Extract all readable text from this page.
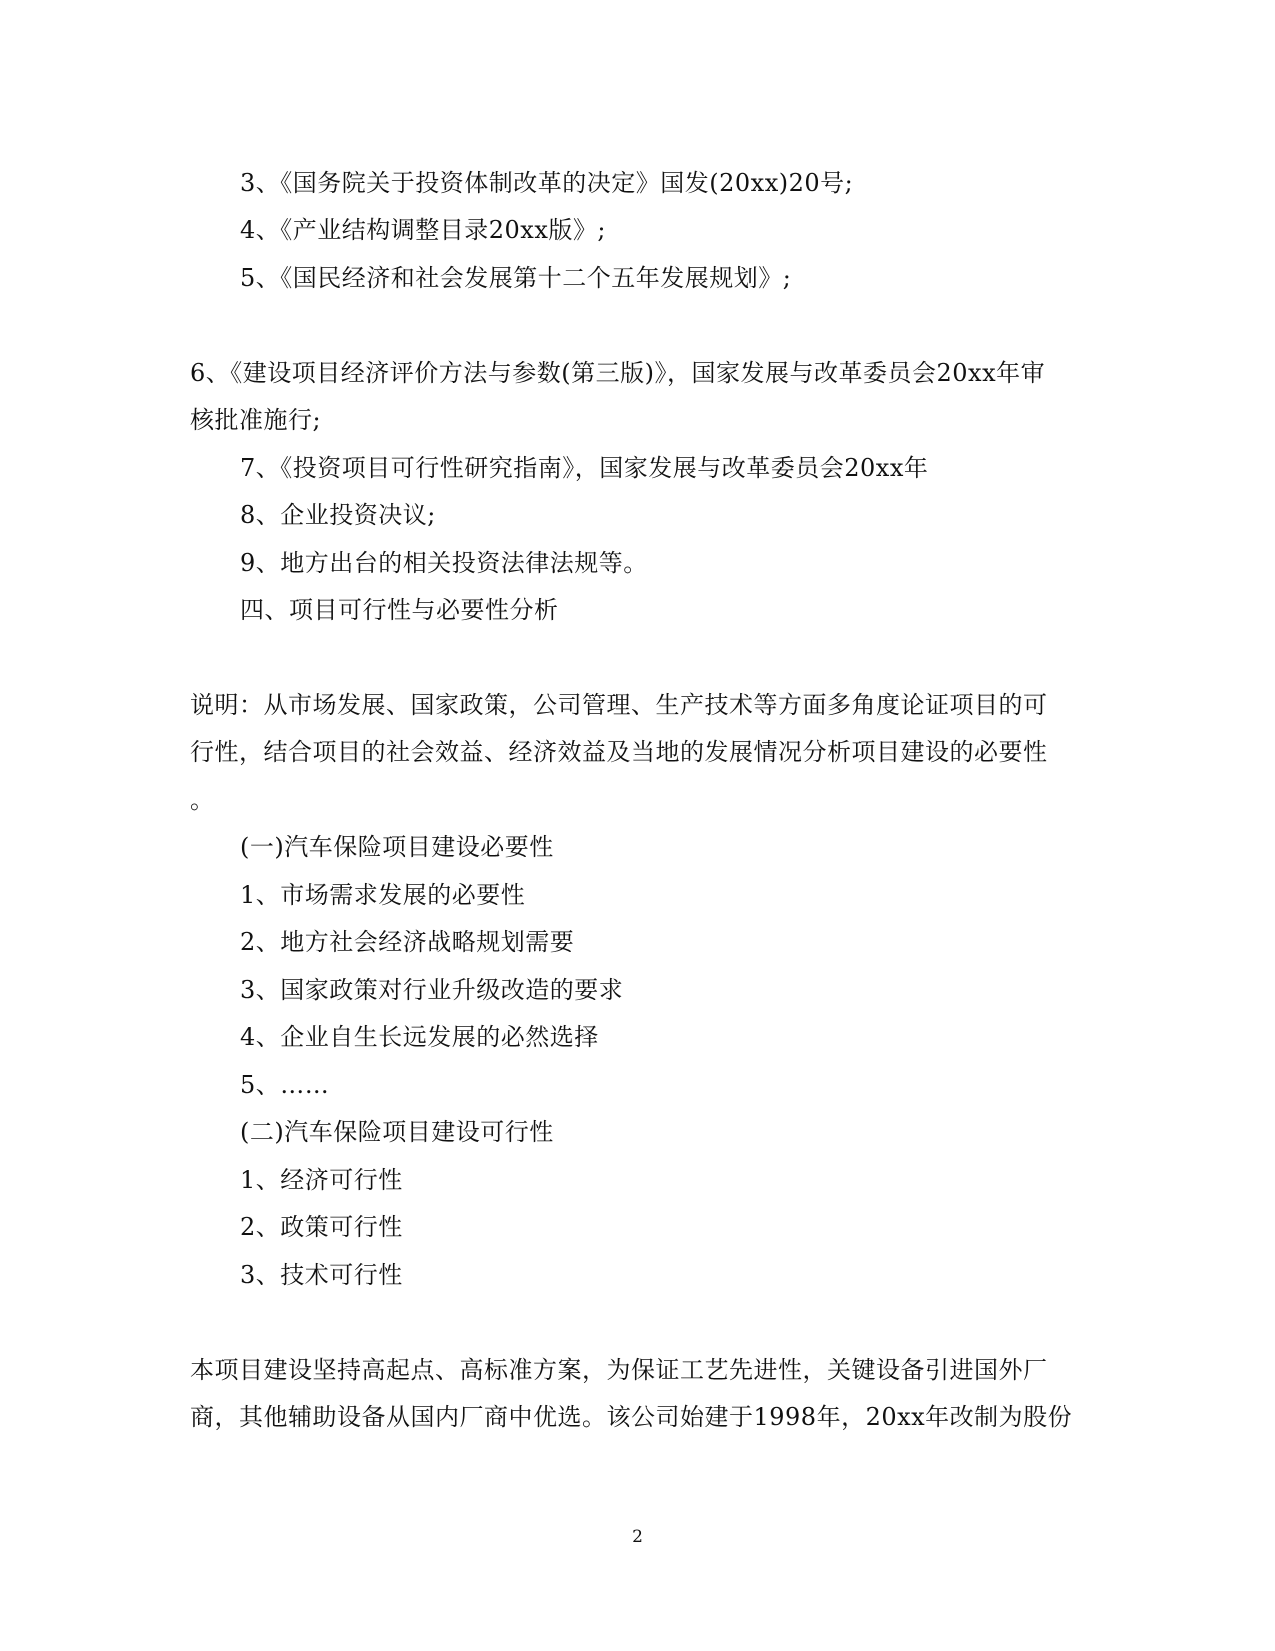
3、《国务院关于投资体制改革的决定》国发(20xx)20号;
4、《产业结构调整目录20xx版》;
5、《国民经济和社会发展第十二个五年发展规划》;
6、《建设项目经济评价方法与参数(第三版)》，国家发展与改革委员会20xx年审
核批准施行;
7、《投资项目可行性研究指南》，国家发展与改革委员会20xx年
8、企业投资决议;
9、地方出台的相关投资法律法规等。
四、项目可行性与必要性分析
说明：从市场发展、国家政策，公司管理、生产技术等方面多角度论证项目的可
行性，结合项目的社会效益、经济效益及当地的发展情况分析项目建设的必要性
。
(一)汽车保险项目建设必要性
1、市场需求发展的必要性
2、地方社会经济战略规划需要
3、国家政策对行业升级改造的要求
4、企业自生长远发展的必然选择
5、……
(二)汽车保险项目建设可行性
1、经济可行性
2、政策可行性
3、技术可行性
本项目建设坚持高起点、高标准方案，为保证工艺先进性，关键设备引进国外厂
商，其他辅助设备从国内厂商中优选。该公司始建于1998年，20xx年改制为股份
2
